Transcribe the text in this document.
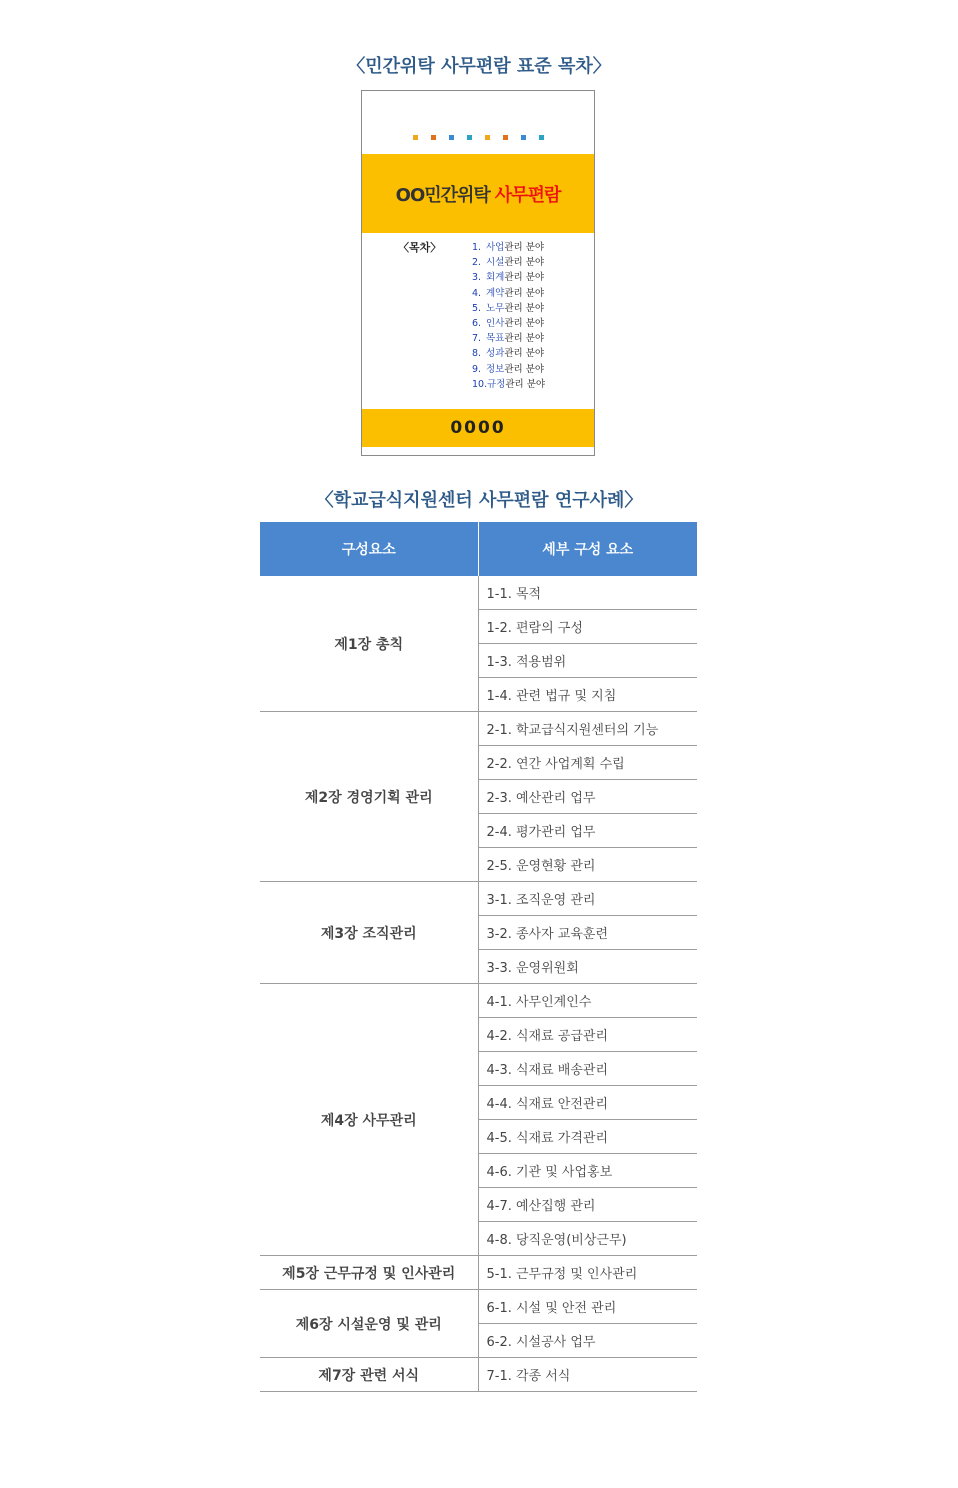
〈민간위탁 사무편람 표준 목차〉
OO민간위탁 사무편람
〈목차〉	1. 사업관리 분야
2. 시설관리 분야
3. 회계관리 분야
4. 계약관리 분야
5. 노무관리 분야
6. 인사관리 분야
7. 목표관리 분야
8. 성과관리 분야
9. 정보관리 분야
10.규정관리 분야
0000
〈학교급식지원센터 사무편람 연구사례〉
구성요소	세부 구성 요소
제1장 총칙	1-1. 목적
	1-2. 편람의 구성
	1-3. 적용범위
	1-4. 관련 법규 및 지침
제2장 경영기획 관리	2-1. 학교급식지원센터의 기능
	2-2. 연간 사업계획 수립
	2-3. 예산관리 업무
	2-4. 평가관리 업무
	2-5. 운영현황 관리
제3장 조직관리	3-1. 조직운영 관리
	3-2. 종사자 교육훈련
	3-3. 운영위원회
제4장 사무관리	4-1. 사무인계인수
	4-2. 식재료 공급관리
	4-3. 식재료 배송관리
	4-4. 식재료 안전관리
	4-5. 식재료 가격관리
	4-6. 기관 및 사업홍보
	4-7. 예산집행 관리
	4-8. 당직운영(비상근무)
제5장 근무규정 및 인사관리	5-1. 근무규정 및 인사관리
제6장 시설운영 및 관리	6-1. 시설 및 안전 관리
	6-2. 시설공사 업무
제7장 관련 서식	7-1. 각종 서식
